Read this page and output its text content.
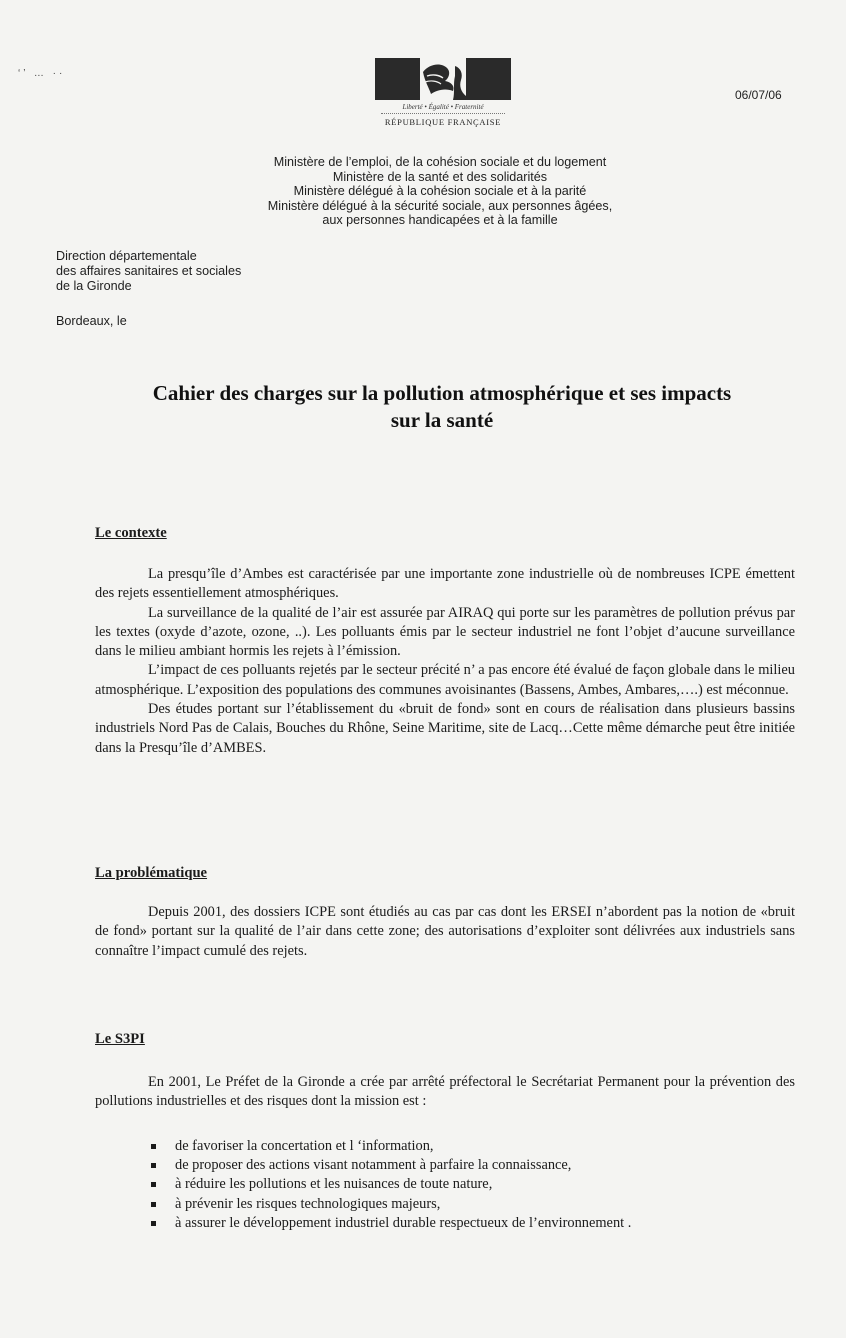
‘’ … ··
Liberté • Égalité • Fraternité
RÉPUBLIQUE FRANÇAISE
06/07/06
Ministère de l’emploi, de la cohésion sociale et du logement
Ministère de la santé et des solidarités
Ministère délégué à la cohésion sociale et à la parité
Ministère délégué à la sécurité sociale, aux personnes âgées,
aux personnes handicapées et à la famille
Direction départementale
des affaires sanitaires et sociales
de la Gironde
Bordeaux, le
Cahier des charges sur la pollution atmosphérique et ses impacts
sur la santé
Le contexte

La presqu’île d’Ambes est caractérisée par une importante zone industrielle où de nombreuses ICPE émettent des rejets essentiellement atmosphériques.

La surveillance de la qualité de l’air est assurée par AIRAQ qui porte sur les paramètres de pollution prévus par les textes (oxyde d’azote, ozone, ..). Les polluants émis par le secteur industriel ne font l’objet d’aucune surveillance dans le milieu ambiant hormis les rejets à l’émission.

L’impact de ces polluants rejetés par le secteur précité n’ a pas encore été évalué de façon globale dans le milieu atmosphérique. L’exposition des populations des communes avoisinantes (Bassens, Ambes, Ambares,….) est méconnue.

Des études portant sur l’établissement du «bruit de fond» sont en cours de réalisation dans plusieurs bassins industriels Nord Pas de Calais, Bouches du Rhône, Seine Maritime, site de Lacq…Cette même démarche peut être initiée dans la Presqu’île d’AMBES.

La problématique

Depuis 2001, des dossiers ICPE sont étudiés au cas par cas dont les ERSEI n’abordent pas la notion de «bruit de fond» portant sur la qualité de l’air dans cette zone; des autorisations d’exploiter sont délivrées aux industriels sans connaître l’impact cumulé des rejets.

Le S3PI

En 2001, Le Préfet de la Gironde a crée par arrêté préfectoral le Secrétariat Permanent pour la prévention des pollutions industrielles et des risques dont la mission est :

de favoriser la concertation et l ‘information,
de proposer des actions visant notamment à parfaire la connaissance,
à réduire les pollutions et les nuisances de toute nature,
à prévenir les risques technologiques majeurs,
à assurer le développement industriel durable respectueux de l’environnement .
